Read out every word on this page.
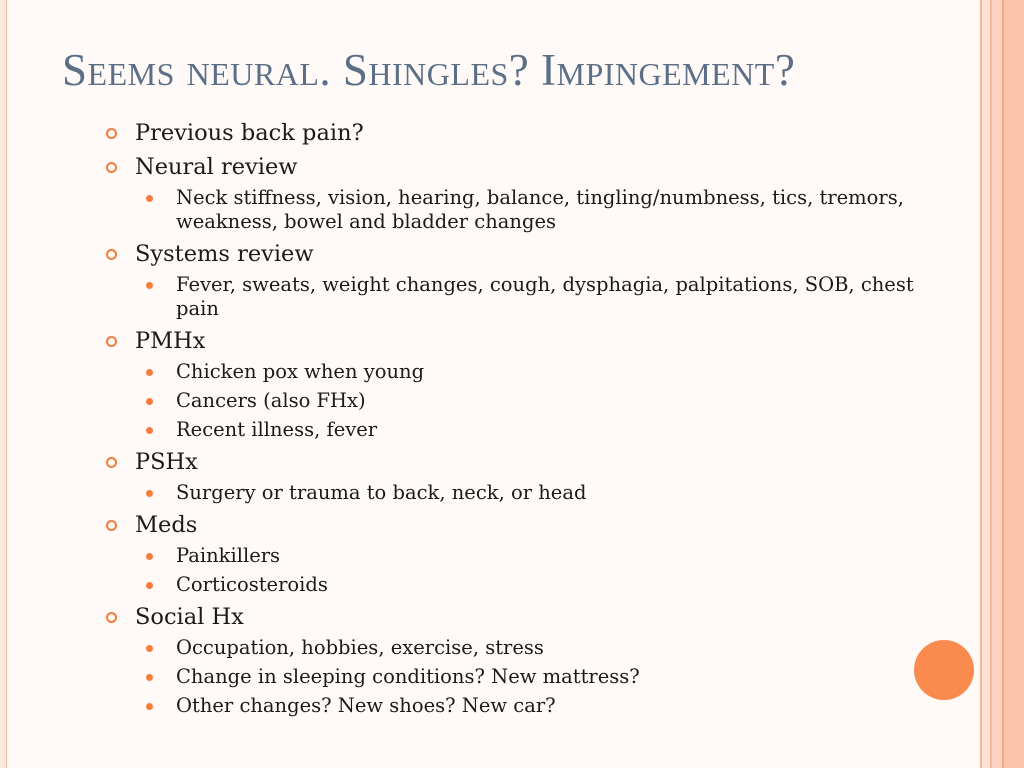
Seems neural. Shingles? Impingement?
Previous back pain?
Neural review
Neck stiffness, vision, hearing, balance, tingling/numbness, tics, tremors, weakness, bowel and bladder changes
Systems review
Fever, sweats, weight changes, cough, dysphagia, palpitations, SOB, chest pain
PMHx
Chicken pox when young
Cancers (also FHx)
Recent illness, fever
PSHx
Surgery or trauma to back, neck, or head
Meds
Painkillers
Corticosteroids
Social Hx
Occupation, hobbies, exercise, stress
Change in sleeping conditions? New mattress?
Other changes? New shoes? New car?
